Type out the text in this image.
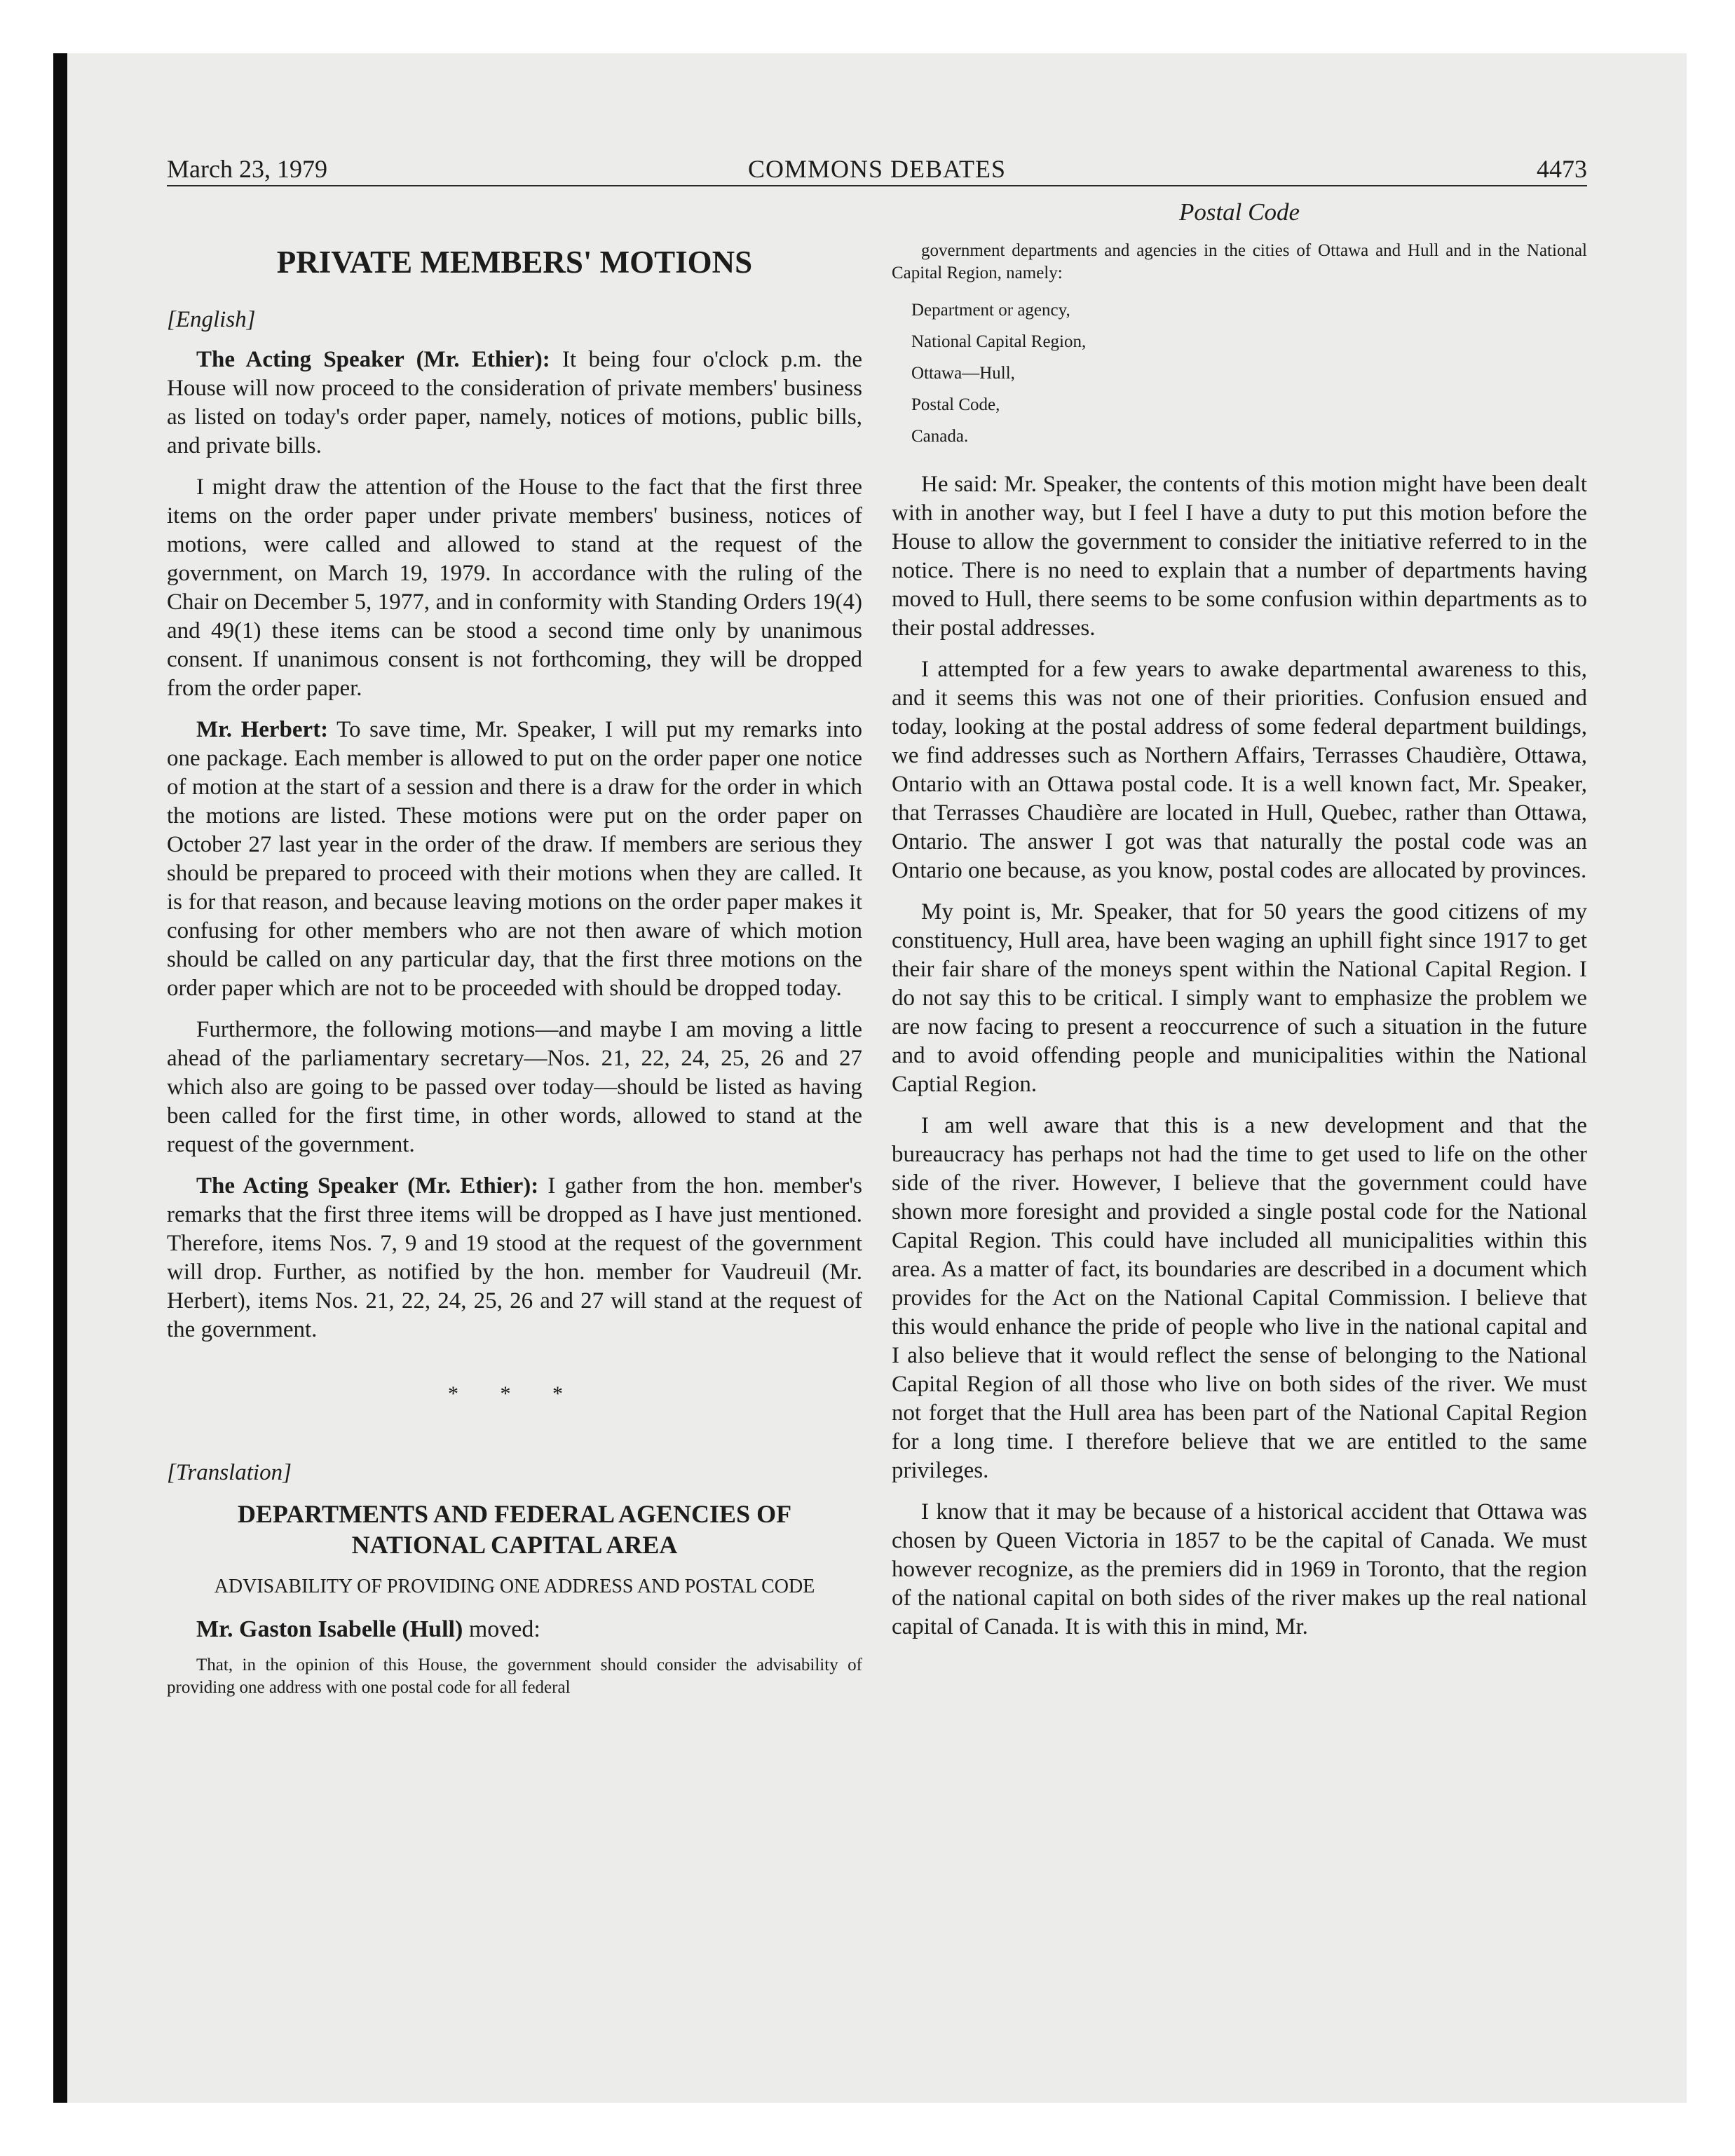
March 23, 1979	COMMONS DEBATES	4473
PRIVATE MEMBERS' MOTIONS
[English]

The Acting Speaker (Mr. Ethier): It being four o'clock p.m. the House will now proceed to the consideration of private members' business as listed on today's order paper, namely, notices of motions, public bills, and private bills.

I might draw the attention of the House to the fact that the first three items on the order paper under private members' business, notices of motions, were called and allowed to stand at the request of the government, on March 19, 1979. In accordance with the ruling of the Chair on December 5, 1977, and in conformity with Standing Orders 19(4) and 49(1) these items can be stood a second time only by unanimous consent. If unanimous consent is not forthcoming, they will be dropped from the order paper.

Mr. Herbert: To save time, Mr. Speaker, I will put my remarks into one package. Each member is allowed to put on the order paper one notice of motion at the start of a session and there is a draw for the order in which the motions are listed. These motions were put on the order paper on October 27 last year in the order of the draw. If members are serious they should be prepared to proceed with their motions when they are called. It is for that reason, and because leaving motions on the order paper makes it confusing for other members who are not then aware of which motion should be called on any particular day, that the first three motions on the order paper which are not to be proceeded with should be dropped today.

Furthermore, the following motions—and maybe I am moving a little ahead of the parliamentary secretary—Nos. 21, 22, 24, 25, 26 and 27 which also are going to be passed over today—should be listed as having been called for the first time, in other words, allowed to stand at the request of the government.

The Acting Speaker (Mr. Ethier): I gather from the hon. member's remarks that the first three items will be dropped as I have just mentioned. Therefore, items Nos. 7, 9 and 19 stood at the request of the government will drop. Further, as notified by the hon. member for Vaudreuil (Mr. Herbert), items Nos. 21, 22, 24, 25, 26 and 27 will stand at the request of the government.

* * *
[Translation]
DEPARTMENTS AND FEDERAL AGENCIES OF
NATIONAL CAPITAL AREA
ADVISABILITY OF PROVIDING ONE ADDRESS AND POSTAL CODE
Mr. Gaston Isabelle (Hull) moved:

That, in the opinion of this House, the government should consider the advisability of providing one address with one postal code for all federal

Postal Code

government departments and agencies in the cities of Ottawa and Hull and in the National Capital Region, namely:

Department or agency,
National Capital Region,
Ottawa—Hull,
Postal Code,
Canada.

He said: Mr. Speaker, the contents of this motion might have been dealt with in another way, but I feel I have a duty to put this motion before the House to allow the government to consider the initiative referred to in the notice. There is no need to explain that a number of departments having moved to Hull, there seems to be some confusion within departments as to their postal addresses.

I attempted for a few years to awake departmental awareness to this, and it seems this was not one of their priorities. Confusion ensued and today, looking at the postal address of some federal department buildings, we find addresses such as Northern Affairs, Terrasses Chaudière, Ottawa, Ontario with an Ottawa postal code. It is a well known fact, Mr. Speaker, that Terrasses Chaudière are located in Hull, Quebec, rather than Ottawa, Ontario. The answer I got was that naturally the postal code was an Ontario one because, as you know, postal codes are allocated by provinces.

My point is, Mr. Speaker, that for 50 years the good citizens of my constituency, Hull area, have been waging an uphill fight since 1917 to get their fair share of the moneys spent within the National Capital Region. I do not say this to be critical. I simply want to emphasize the problem we are now facing to present a reoccurrence of such a situation in the future and to avoid offending people and municipalities within the National Captial Region.

I am well aware that this is a new development and that the bureaucracy has perhaps not had the time to get used to life on the other side of the river. However, I believe that the government could have shown more foresight and provided a single postal code for the National Capital Region. This could have included all municipalities within this area. As a matter of fact, its boundaries are described in a document which provides for the Act on the National Capital Commission. I believe that this would enhance the pride of people who live in the national capital and I also believe that it would reflect the sense of belonging to the National Capital Region of all those who live on both sides of the river. We must not forget that the Hull area has been part of the National Capital Region for a long time. I therefore believe that we are entitled to the same privileges.

I know that it may be because of a historical accident that Ottawa was chosen by Queen Victoria in 1857 to be the capital of Canada. We must however recognize, as the premiers did in 1969 in Toronto, that the region of the national capital on both sides of the river makes up the real national capital of Canada. It is with this in mind, Mr.
